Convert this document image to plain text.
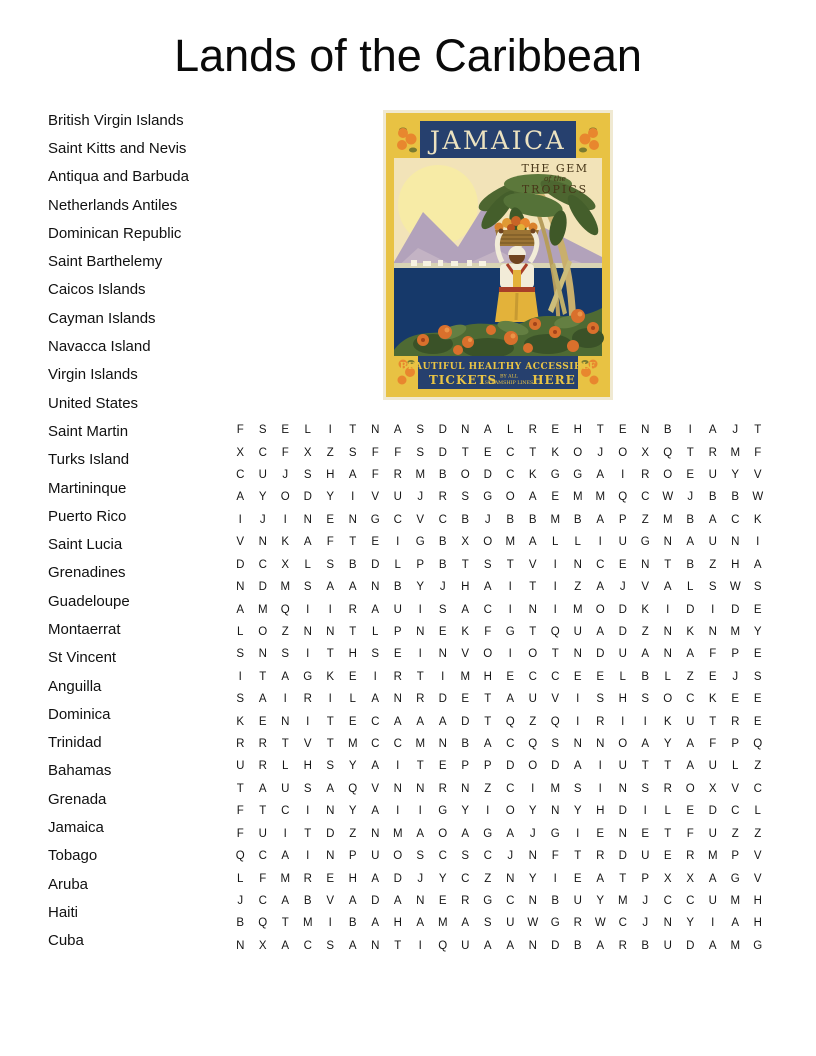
Lands of the Caribbean
British Virgin Islands
Saint Kitts and Nevis
Antiqua and Barbuda
Netherlands Antiles
Dominican Republic
Saint Barthelemy
Caicos Islands
Cayman Islands
Navacca Island
Virgin Islands
United States
Saint Martin
Turks Island
Martininque
Puerto Rico
Saint Lucia
Grenadines
Guadeloupe
Montaerrat
St Vincent
Anguilla
Dominica
Trinidad
Bahamas
Grenada
Jamaica
Tobago
Aruba
Haiti
Cuba
JAMAICA
THE GEM
of the
TROPICS
BEAUTIFUL HEALTHY ACCESSIBLE
TICKETS BY ALL
STEAMSHIP LINES
HERE
F	S	E	L	I	T	N	A	S	D	N	A	L	R	E	H	T	E	N	B	I	A	J	T
X	C	F	X	Z	S	F	F	S	D	T	E	C	T	K	O	J	O	X	Q	T	R	M	F
C	U	J	S	H	A	F	R	M	B	O	D	C	K	G	G	A	I	R	O	E	U	Y	V
A	Y	O	D	Y	I	V	U	J	R	S	G	O	A	E	M	M	Q	C	W	J	B	B	W
I	J	I	N	E	N	G	C	V	C	B	J	B	B	M	B	A	P	Z	M	B	A	C	K
V	N	K	A	F	T	E	I	G	B	X	O	M	A	L	L	I	U	G	N	A	U	N	I
D	C	X	L	S	B	D	L	P	B	T	S	T	V	I	N	C	E	N	T	B	Z	H	A
N	D	M	S	A	A	N	B	Y	J	H	A	I	T	I	Z	A	J	V	A	L	S	W	S
A	M	Q	I	I	R	A	U	I	S	A	C	I	N	I	M	O	D	K	I	D	I	D	E
L	O	Z	N	N	T	L	P	N	E	K	F	G	T	Q	U	A	D	Z	N	K	N	M	Y
S	N	S	I	T	H	S	E	I	N	V	O	I	O	T	N	D	U	A	N	A	F	P	E
I	T	A	G	K	E	I	R	T	I	M	H	E	C	C	E	E	L	B	L	Z	E	J	S
S	A	I	R	I	L	A	N	R	D	E	T	A	U	V	I	S	H	S	O	C	K	E	E
K	E	N	I	T	E	C	A	A	A	D	T	Q	Z	Q	I	R	I	I	K	U	T	R	E
R	R	T	V	T	M	C	C	M	N	B	A	C	Q	S	N	N	O	A	Y	A	F	P	Q
U	R	L	H	S	Y	A	I	T	E	P	P	D	O	D	A	I	U	T	T	A	U	L	Z
T	A	U	S	A	Q	V	N	N	R	N	Z	C	I	M	S	I	N	S	R	O	X	V	C
F	T	C	I	N	Y	A	I	I	G	Y	I	O	Y	N	Y	H	D	I	L	E	D	C	L
F	U	I	T	D	Z	N	M	A	O	A	G	A	J	G	I	E	N	E	T	F	U	Z	Z
Q	C	A	I	N	P	U	O	S	C	S	C	J	N	F	T	R	D	U	E	R	M	P	V
L	F	M	R	E	H	A	D	J	Y	C	Z	N	Y	I	E	A	T	P	X	X	A	G	V
J	C	A	B	V	A	D	A	N	E	R	G	C	N	B	U	Y	M	J	C	C	U	M	H
B	Q	T	M	I	B	A	H	A	M	A	S	U	W	G	R	W	C	J	N	Y	I	A	H
N	X	A	C	S	A	N	T	I	Q	U	A	A	N	D	B	A	R	B	U	D	A	M	G
